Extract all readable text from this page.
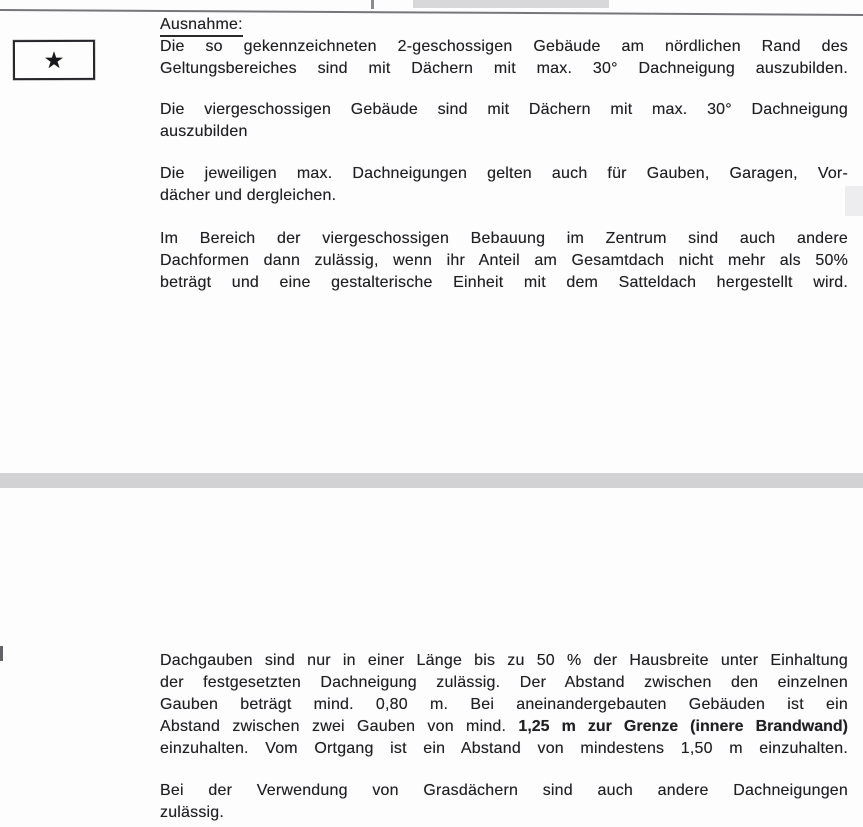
★
Ausnahme:
Die so gekennzeichneten 2-geschossigen Gebäude am nördlichen Rand des
Geltungsbereiches sind mit Dächern mit max. 30° Dachneigung auszubilden.
Die viergeschossigen Gebäude sind mit Dächern mit max. 30° Dachneigung
auszubilden
Die jeweiligen max. Dachneigungen gelten auch für Gauben, Garagen, Vor-
dächer und dergleichen.
Im Bereich der viergeschossigen Bebauung im Zentrum sind auch andere
Dachformen dann zulässig, wenn ihr Anteil am Gesamtdach nicht mehr als 50%
beträgt und eine gestalterische Einheit mit dem Satteldach hergestellt wird.
Dachgauben sind nur in einer Länge bis zu 50 % der Hausbreite unter Einhaltung
der festgesetzten Dachneigung zulässig. Der Abstand zwischen den einzelnen
Gauben beträgt mind. 0,80 m. Bei aneinandergebauten Gebäuden ist ein
Abstand zwischen zwei Gauben von mind. 1,25 m zur Grenze (innere Brandwand)
einzuhalten. Vom Ortgang ist ein Abstand von mindestens 1,50 m einzuhalten.
Bei der Verwendung von Grasdächern sind auch andere Dachneigungen
zulässig.
